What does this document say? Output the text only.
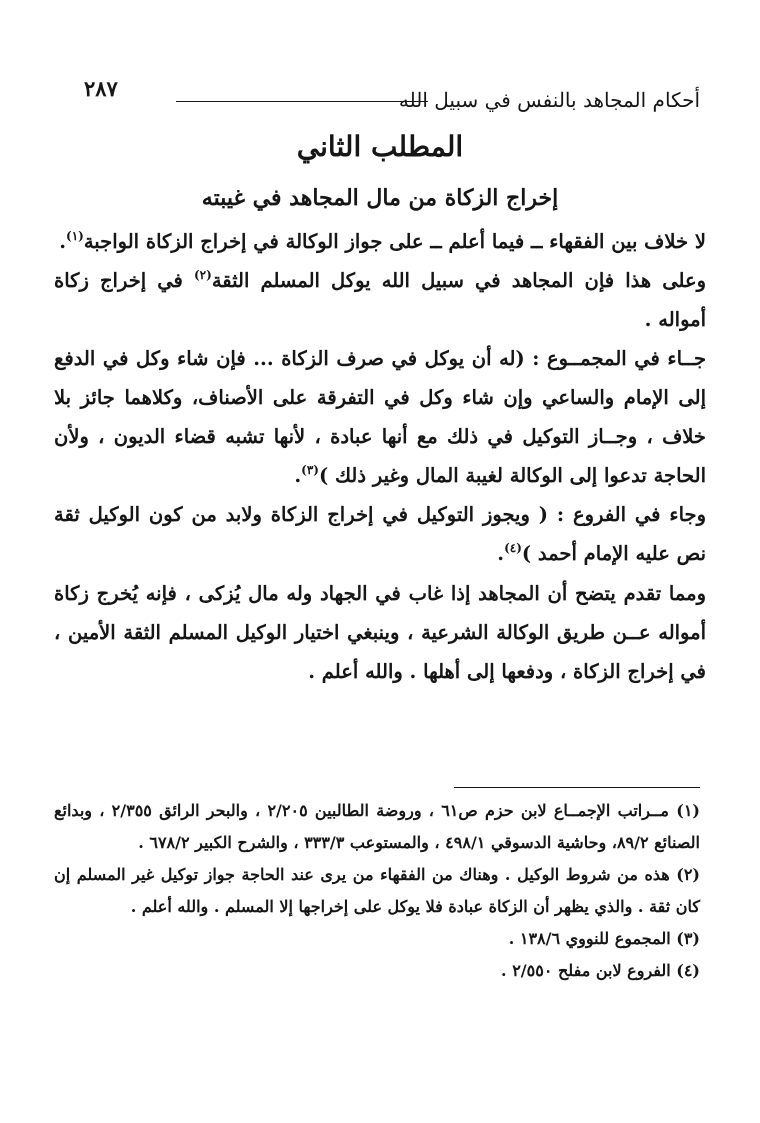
أحكام المجاهد بالنفس في سبيل الله
٢٨٧
المطلب الثاني
إخراج الزكاة من مال المجاهد في غيبته

لا خلاف بين الفقهاء ــ فيما أعلم ــ على جواز الوكالة في إخراج الزكاة الواجبة$^{(١)}$.

وعلى هذا فإن المجاهد في سبيل الله يوكل المسلم الثقة$^{(٢)}$ في إخراج زكاة أمواله .

جــاء في المجمــوع : (له أن يوكل في صرف الزكاة ... فإن شاء وكل في الدفع إلى الإمام والساعي وإن شاء وكل في التفرقة على الأصناف، وكلاهما جائز بلا خلاف ، وجــاز التوكيل في ذلك مع أنها عبادة ، لأنها تشبه قضاء الديون ، ولأن الحاجة تدعوا إلى الوكالة لغيبة المال وغير ذلك )$^{(٣)}$.

وجاء في الفروع : ( ويجوز التوكيل في إخراج الزكاة ولابد من كون الوكيل ثقة نص عليه الإمام أحمد )$^{(٤)}$.

ومما تقدم يتضح أن المجاهد إذا غاب في الجهاد وله مال يُزكى ، فإنه يُخرج زكاة أمواله عــن طريق الوكالة الشرعية ، وينبغي اختيار الوكيل المسلم الثقة الأمين ، في إخراج الزكاة ، ودفعها إلى أهلها . والله أعلم .

(١) مــراتب الإجمــاع لابن حزم ص٦١ ، وروضة الطالبين ٢/٢٠٥ ، والبحر الرائق ٢/٣٥٥ ، وبدائع الصنائع ٨٩/٢، وحاشية الدسوقي ٤٩٨/١ ، والمستوعب ٣٣٣/٣ ، والشرح الكبير ٦٧٨/٢ .

(٢) هذه من شروط الوكيل . وهناك من الفقهاء من يرى عند الحاجة جواز توكيل غير المسلم إن كان ثقة . والذي يظهر أن الزكاة عبادة فلا يوكل على إخراجها إلا المسلم . والله أعلم .

(٣) المجموع للنووي ١٣٨/٦ .

(٤) الفروع لابن مفلح ٢/٥٥٠ .
